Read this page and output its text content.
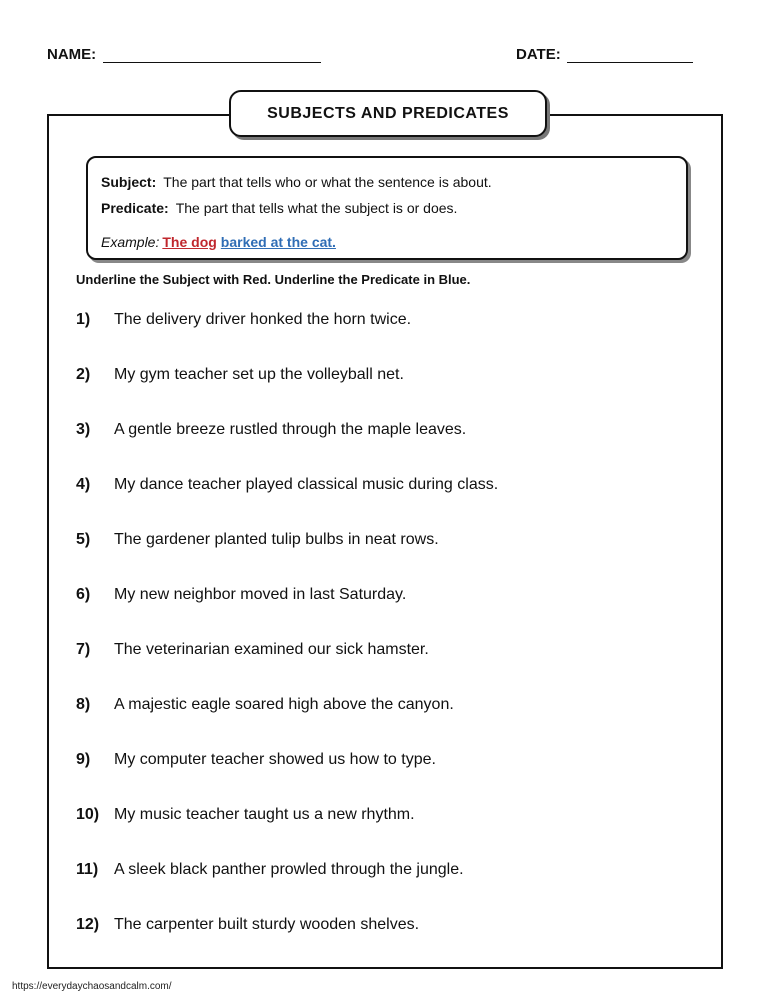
NAME:	DATE:
SUBJECTS AND PREDICATES
Subject: The part that tells who or what the sentence is about.
Predicate: The part that tells what the subject is or does.
Example: The dog barked at the cat.
Underline the Subject with Red. Underline the Predicate in Blue.
1)	The delivery driver honked the horn twice.
2)	My gym teacher set up the volleyball net.
3)	A gentle breeze rustled through the maple leaves.
4)	My dance teacher played classical music during class.
5)	The gardener planted tulip bulbs in neat rows.
6)	My new neighbor moved in last Saturday.
7)	The veterinarian examined our sick hamster.
8)	A majestic eagle soared high above the canyon.
9)	My computer teacher showed us how to type.
10) My music teacher taught us a new rhythm.
11) A sleek black panther prowled through the jungle.
12) The carpenter built sturdy wooden shelves.
https://everydaychaosandcalm.com/
